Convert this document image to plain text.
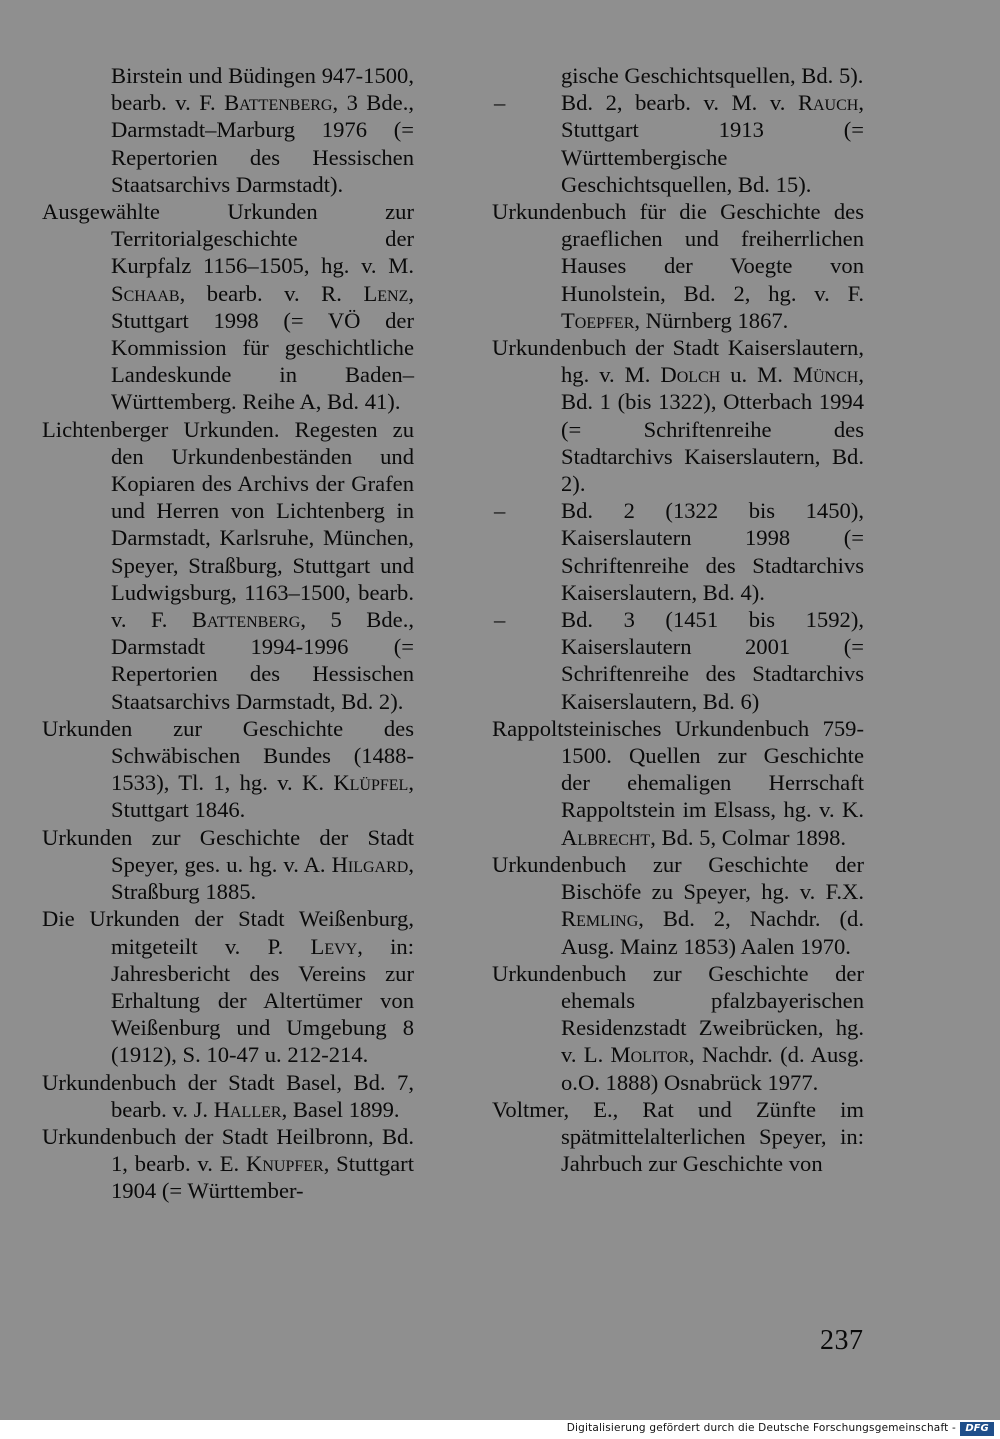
Birstein und Büdingen 947-1500, bearb. v. F. Battenberg, 3 Bde., Darmstadt–Marburg 1976 (= Repertorien des Hessischen Staatsarchivs Darmstadt).

Ausgewählte Urkunden zur Territorialgeschichte der Kurpfalz 1156–1505, hg. v. M. Schaab, bearb. v. R. Lenz, Stuttgart 1998 (= VÖ der Kommission für geschichtliche Landeskunde in Baden–Württemberg. Reihe A, Bd. 41).

Lichtenberger Urkunden. Regesten zu den Urkundenbeständen und Kopiaren des Archivs der Grafen und Herren von Lichtenberg in Darmstadt, Karlsruhe, München, Speyer, Straßburg, Stuttgart und Ludwigsburg, 1163–1500, bearb. v. F. Battenberg, 5 Bde., Darmstadt 1994-1996 (= Repertorien des Hessischen Staatsarchivs Darmstadt, Bd. 2).

Urkunden zur Geschichte des Schwäbischen Bundes (1488-1533), Tl. 1, hg. v. K. Klüpfel, Stuttgart 1846.

Urkunden zur Geschichte der Stadt Speyer, ges. u. hg. v. A. Hilgard, Straßburg 1885.

Die Urkunden der Stadt Weißenburg, mitgeteilt v. P. Levy, in: Jahresbericht des Vereins zur Erhaltung der Altertümer von Weißenburg und Umgebung 8 (1912), S. 10-47 u. 212-214.

Urkundenbuch der Stadt Basel, Bd. 7, bearb. v. J. Haller, Basel 1899.

Urkundenbuch der Stadt Heilbronn, Bd. 1, bearb. v. E. Knupfer, Stuttgart 1904 (= Württember-

gische Geschichtsquellen, Bd. 5).

– Bd. 2, bearb. v. M. v. Rauch, Stuttgart 1913 (= Württembergische Geschichtsquellen, Bd. 15).

Urkundenbuch für die Geschichte des graeflichen und freiherrlichen Hauses der Voegte von Hunolstein, Bd. 2, hg. v. F. Toepfer, Nürnberg 1867.

Urkundenbuch der Stadt Kaiserslautern, hg. v. M. Dolch u. M. Münch, Bd. 1 (bis 1322), Otterbach 1994 (= Schriftenreihe des Stadtarchivs Kaiserslautern, Bd. 2).

– Bd. 2 (1322 bis 1450), Kaiserslautern 1998 (= Schriftenreihe des Stadtarchivs Kaiserslautern, Bd. 4).

– Bd. 3 (1451 bis 1592), Kaiserslautern 2001 (= Schriftenreihe des Stadtarchivs Kaiserslautern, Bd. 6)

Rappoltsteinisches Urkundenbuch 759-1500. Quellen zur Geschichte der ehemaligen Herrschaft Rappoltstein im Elsass, hg. v. K. Albrecht, Bd. 5, Colmar 1898.

Urkundenbuch zur Geschichte der Bischöfe zu Speyer, hg. v. F.X. Remling, Bd. 2, Nachdr. (d. Ausg. Mainz 1853) Aalen 1970.

Urkundenbuch zur Geschichte der ehemals pfalzbayerischen Residenzstadt Zweibrücken, hg. v. L. Molitor, Nachdr. (d. Ausg. o.O. 1888) Osnabrück 1977.

Voltmer, E., Rat und Zünfte im spätmittelalterlichen Speyer, in: Jahrbuch zur Geschichte von

237
Digitalisierung gefördert durch die Deutsche Forschungsgemeinschaft - DFG
